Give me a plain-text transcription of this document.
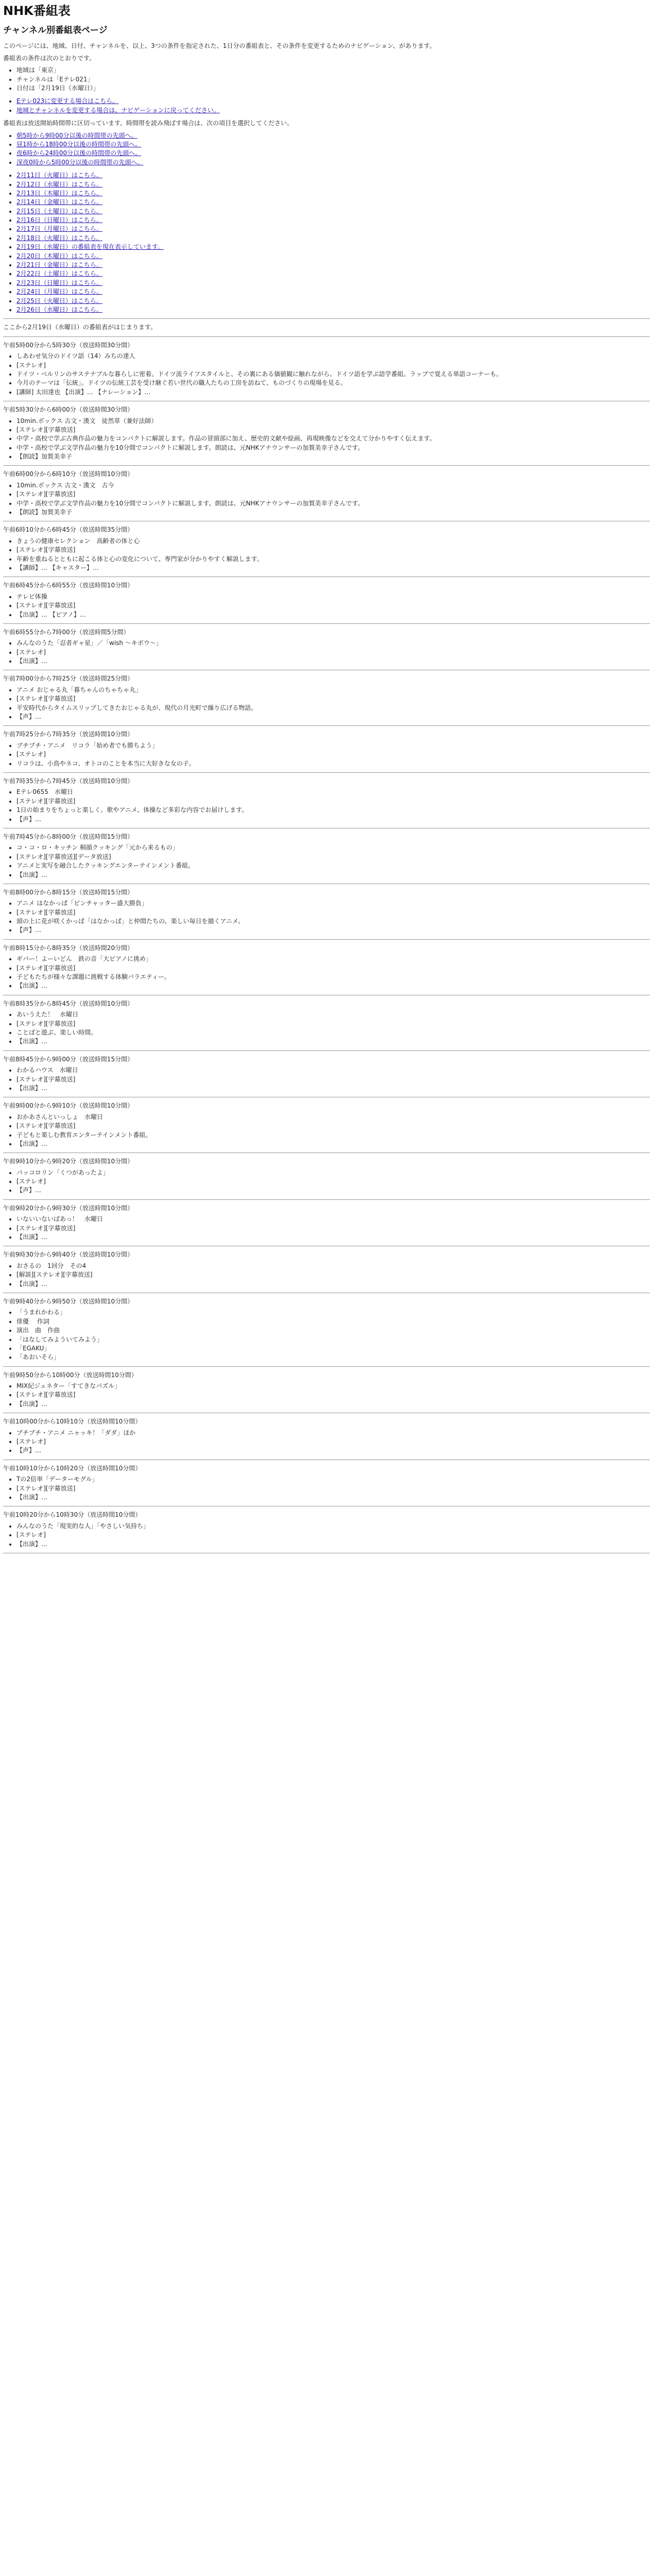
NHK番組表
チャンネル別番組表ページ

このページには、地域、日付、チャンネルを、以上、3つの条件を指定された、1日分の番組表と、その条件を変更するためのナビゲーション、があります。

番組表の条件は次のとおりです。

• 地域は「東京」
• チャンネルは「Eテレ021」
• 日付は「2月19日（水曜日）」
• Eテレ023に変更する場合はこちら。
• 地域とチャンネルを変更する場合は、ナビゲーションに戻ってください。

番組表は放送開始時間帯に区切っています。時間帯を読み飛ばす場合は、次の項目を選択してください。

• 朝5時から9時00分以後の時間帯の先頭へ。
• 昼1時から18時00分以後の時間帯の先頭へ。
• 夜6時から24時00分以後の時間帯の先頭へ。
• 深夜0時から5時00分以後の時間帯の先頭へ。
• 2月11日（火曜日）はこちら。
• 2月12日（水曜日）はこちら。
• 2月13日（木曜日）はこちら。
• 2月14日（金曜日）はこちら。
• 2月15日（土曜日）はこちら。
• 2月16日（日曜日）はこちら。
• 2月17日（月曜日）はこちら。
• 2月18日（火曜日）はこちら。
• 2月19日（水曜日）の番組表を現在表示しています。
• 2月20日（木曜日）はこちら。
• 2月21日（金曜日）はこちら。
• 2月22日（土曜日）はこちら。
• 2月23日（日曜日）はこちら。
• 2月24日（月曜日）はこちら。
• 2月25日（火曜日）はこちら。
• 2月26日（水曜日）はこちら。

ここから2月19日（水曜日）の番組表がはじまります。

午前5時00分から5時30分（放送時間30分間）

• しあわせ気分のドイツ語（14）みちの達人
• [ステレオ]
• ドイツ・ベルリンのサステナブルな暮らしに密着。ドイツ流ライフスタイルと、その裏にある価値観に触れながら、ドイツ語を学ぶ語学番組。ラップで覚える単語コーナーも。
• 今月のテーマは「伝統」。ドイツの伝統工芸を受け継ぐ若い世代の職人たちの工房を訪ねて、ものづくりの現場を見る。
• [講師] 太田達也 【出演】… 【ナレーション】…

午前5時30分から6時00分（放送時間30分間）

• 10min.ボックス 古文・漢文　徒然草（兼好法師）
• [ステレオ][字幕放送]
• 中学・高校で学ぶ古典作品の魅力をコンパクトに解説します。作品の冒頭部に加え、歴史的文献や絵画、再現映像などを交えて分かりやすく伝えます。
• 中学・高校で学ぶ文学作品の魅力を10分間でコンパクトに解説します。朗読は、元NHKアナウンサーの加賀美幸子さんです。
• 【朗読】加賀美幸子

午前6時00分から6時10分（放送時間10分間）

• 10min.ボックス 古文・漢文　古今
• [ステレオ][字幕放送]
• 中学・高校で学ぶ文学作品の魅力を10分間でコンパクトに解説します。朗読は、元NHKアナウンサーの加賀美幸子さんです。
• 【朗読】加賀美幸子

午前6時10分から6時45分（放送時間35分間）

• きょうの健康セレクション　高齢者の体と心
• [ステレオ][字幕放送]
• 年齢を重ねるとともに起こる体と心の変化について、専門家が分かりやすく解説します。
• 【講師】… 【キャスター】…

午前6時45分から6時55分（放送時間10分間）

• テレビ体操
• [ステレオ][字幕放送]
• 【出演】… 【ピアノ】…

午前6時55分から7時00分（放送時間5分間）

• みんなのうた「忍者ギャ星」／「wish ～キボウ～」
• [ステレオ]
• 【出演】…

午前7時00分から7時25分（放送時間25分間）

• アニメ おじゃる丸「暮ちゃんのちゃちゃ丸」
• [ステレオ][字幕放送]
• 平安時代からタイムスリップしてきたおじゃる丸が、現代の月光町で繰り広げる物語。
• 【声】…

午前7時25分から7時35分（放送時間10分間）

• ブチブチ・アニメ　リコラ「始め者でも勝ちよう」
• [ステレオ]
• リコラは、小鳥やネコ、オトコのことを本当に大好きな女の子。

午前7時35分から7時45分（放送時間10分間）

• Eテレ0655　水曜日
• [ステレオ][字幕放送]
• 1日の始まりをちょっと楽しく。歌やアニメ、体操など多彩な内容でお届けします。
• 【声】…

午前7時45分から8時00分（放送時間15分間）

• コ・コ・ロ・キッチン 桐顔クッキング「元から来るもの」
• [ステレオ][字幕放送][データ放送]
• アニメと実写を融合したクッキングエンターテインメント番組。
• 【出演】…

午前8時00分から8時15分（放送時間15分間）

• アニメ はなかっぱ「ピンチャッター盛大勝負」
• [ステレオ][字幕放送]
• 頭の上に花が咲くかっぱ「はなかっぱ」と仲間たちの、楽しい毎日を描くアニメ。
• 【声】…

午前8時15分から8時35分（放送時間20分間）

• ギバー！よーいどん　鉄の音「大ピアノに挑め」
• [ステレオ][字幕放送]
• 子どもたちが様々な課題に挑戦する体験バラエティー。
• 【出演】…

午前8時35分から8時45分（放送時間10分間）

• あいうえた！　水曜日
• [ステレオ][字幕放送]
• ことばと遊ぶ、楽しい時間。
• 【出演】…

午前8時45分から9時00分（放送時間15分間）

• わかるハウス　水曜日
• [ステレオ][字幕放送]
• 【出演】…

午前9時00分から9時10分（放送時間10分間）

• おかあさんといっしょ　水曜日
• [ステレオ][字幕放送]
• 子どもと楽しむ教育エンターテインメント番組。
• 【出演】…

午前9時10分から9時20分（放送時間10分間）

• パッコロリン「くつがあったよ」
• [ステレオ]
• 【声】…

午前9時20分から9時30分（放送時間10分間）

• いないいないばあっ！　水曜日
• [ステレオ][字幕放送]
• 【出演】…

午前9時30分から9時40分（放送時間10分間）

• おさるの　1回分　その4
• [解説][ステレオ][字幕放送]
• 【出演】…

午前9時40分から9時50分（放送時間10分間）

• 「うまれかわる」
• 俳優 　作詞
• 演出　曲　作曲
• 「はなしてみよういてみよう」
• 「EGAKU」
• 「あおいそら」

午前9時50分から10時00分（放送時間10分間）

• MIX紀ジェネター「すてきなパズル」
• [ステレオ][字幕放送]
• 【出演】…

午前10時00分から10時10分（放送時間10分間）

• ブチブチ・アニメ ニャッキ！「ダダ」ほか
• [ステレオ]
• 【声】…

午前10時10分から10時20分（放送時間10分間）

• Tの2倍率「データーモグル」
• [ステレオ][字幕放送]
• 【出演】…

午前10時20分から10時30分（放送時間10分間）

• みんなのうた「現実的な人」「やさしい気持ち」
• [ステレオ]
• 【出演】…
